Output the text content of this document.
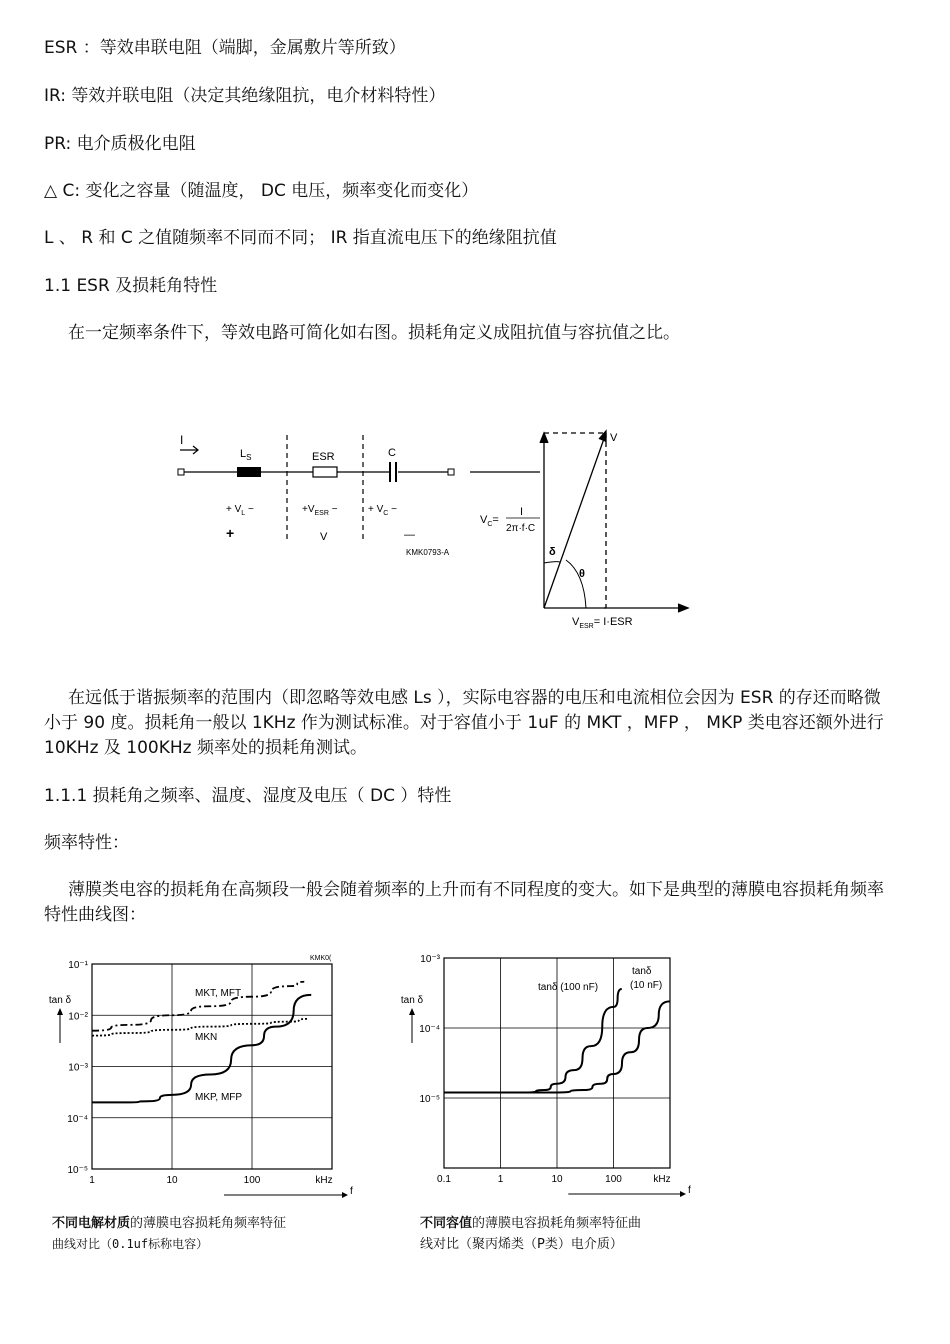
ESR ：等效串联电阻（端脚，金属敷片等所致）
IR: 等效并联电阻（决定其绝缘阻抗，电介材料特性）
PR: 电介质极化电阻
△ C: 变化之容量（随温度， DC 电压，频率变化而变化）
L 、 R 和 C 之值随频率不同而不同； IR 指直流电压下的绝缘阻抗值
1.1 ESR 及损耗角特性
在一定频率条件下，等效电路可简化如右图。损耗角定义成阻抗值与容抗值之比。
I
$L_S$	ESR	C
+ $V_L$ −	$+V_{ESR}$ −	+ $V_C$ −
+	V	—
KMK0793-A
V
$V_C=$
I
2π·f·C
δ
θ
$V_{ESR}= I\cdot ESR$
在远低于谐振频率的范围内（即忽略等效电感 Ls ），实际电容器的电压和电流相位会因为 ESR 的存还而略微小于 90 度。损耗角一般以 1KHz 作为测试标准。对于容值小于 1uF 的 MKT ，MFP ， MKP 类电容还额外进行 10KHz 及 100KHz 频率处的损耗角测试。
1.1.1 损耗角之频率、温度、湿度及电压（ DC ）特性
频率特性：
薄膜类电容的损耗角在高频段一般会随着频率的上升而有不同程度的变大。如下是典型的薄膜电容损耗角频率特性曲线图：
10⁻¹
10⁻²
10⁻³
10⁻⁴
10⁻⁵
1	10	100	kHz
f
tan δ
KMK0(
MKT, MFT
MKN
MKP, MFP
10⁻³
10⁻⁴
10⁻⁵
0.1	1	10	100	kHz
f
tan δ
tanδ (100 nF)
tanδ
(10 nF)
不同电解材质的薄膜电容损耗角频率特征
曲线对比（0.1uf标称电容）
不同容值的薄膜电容损耗角频率特征曲
线对比（聚丙烯类（P类）电介质）
